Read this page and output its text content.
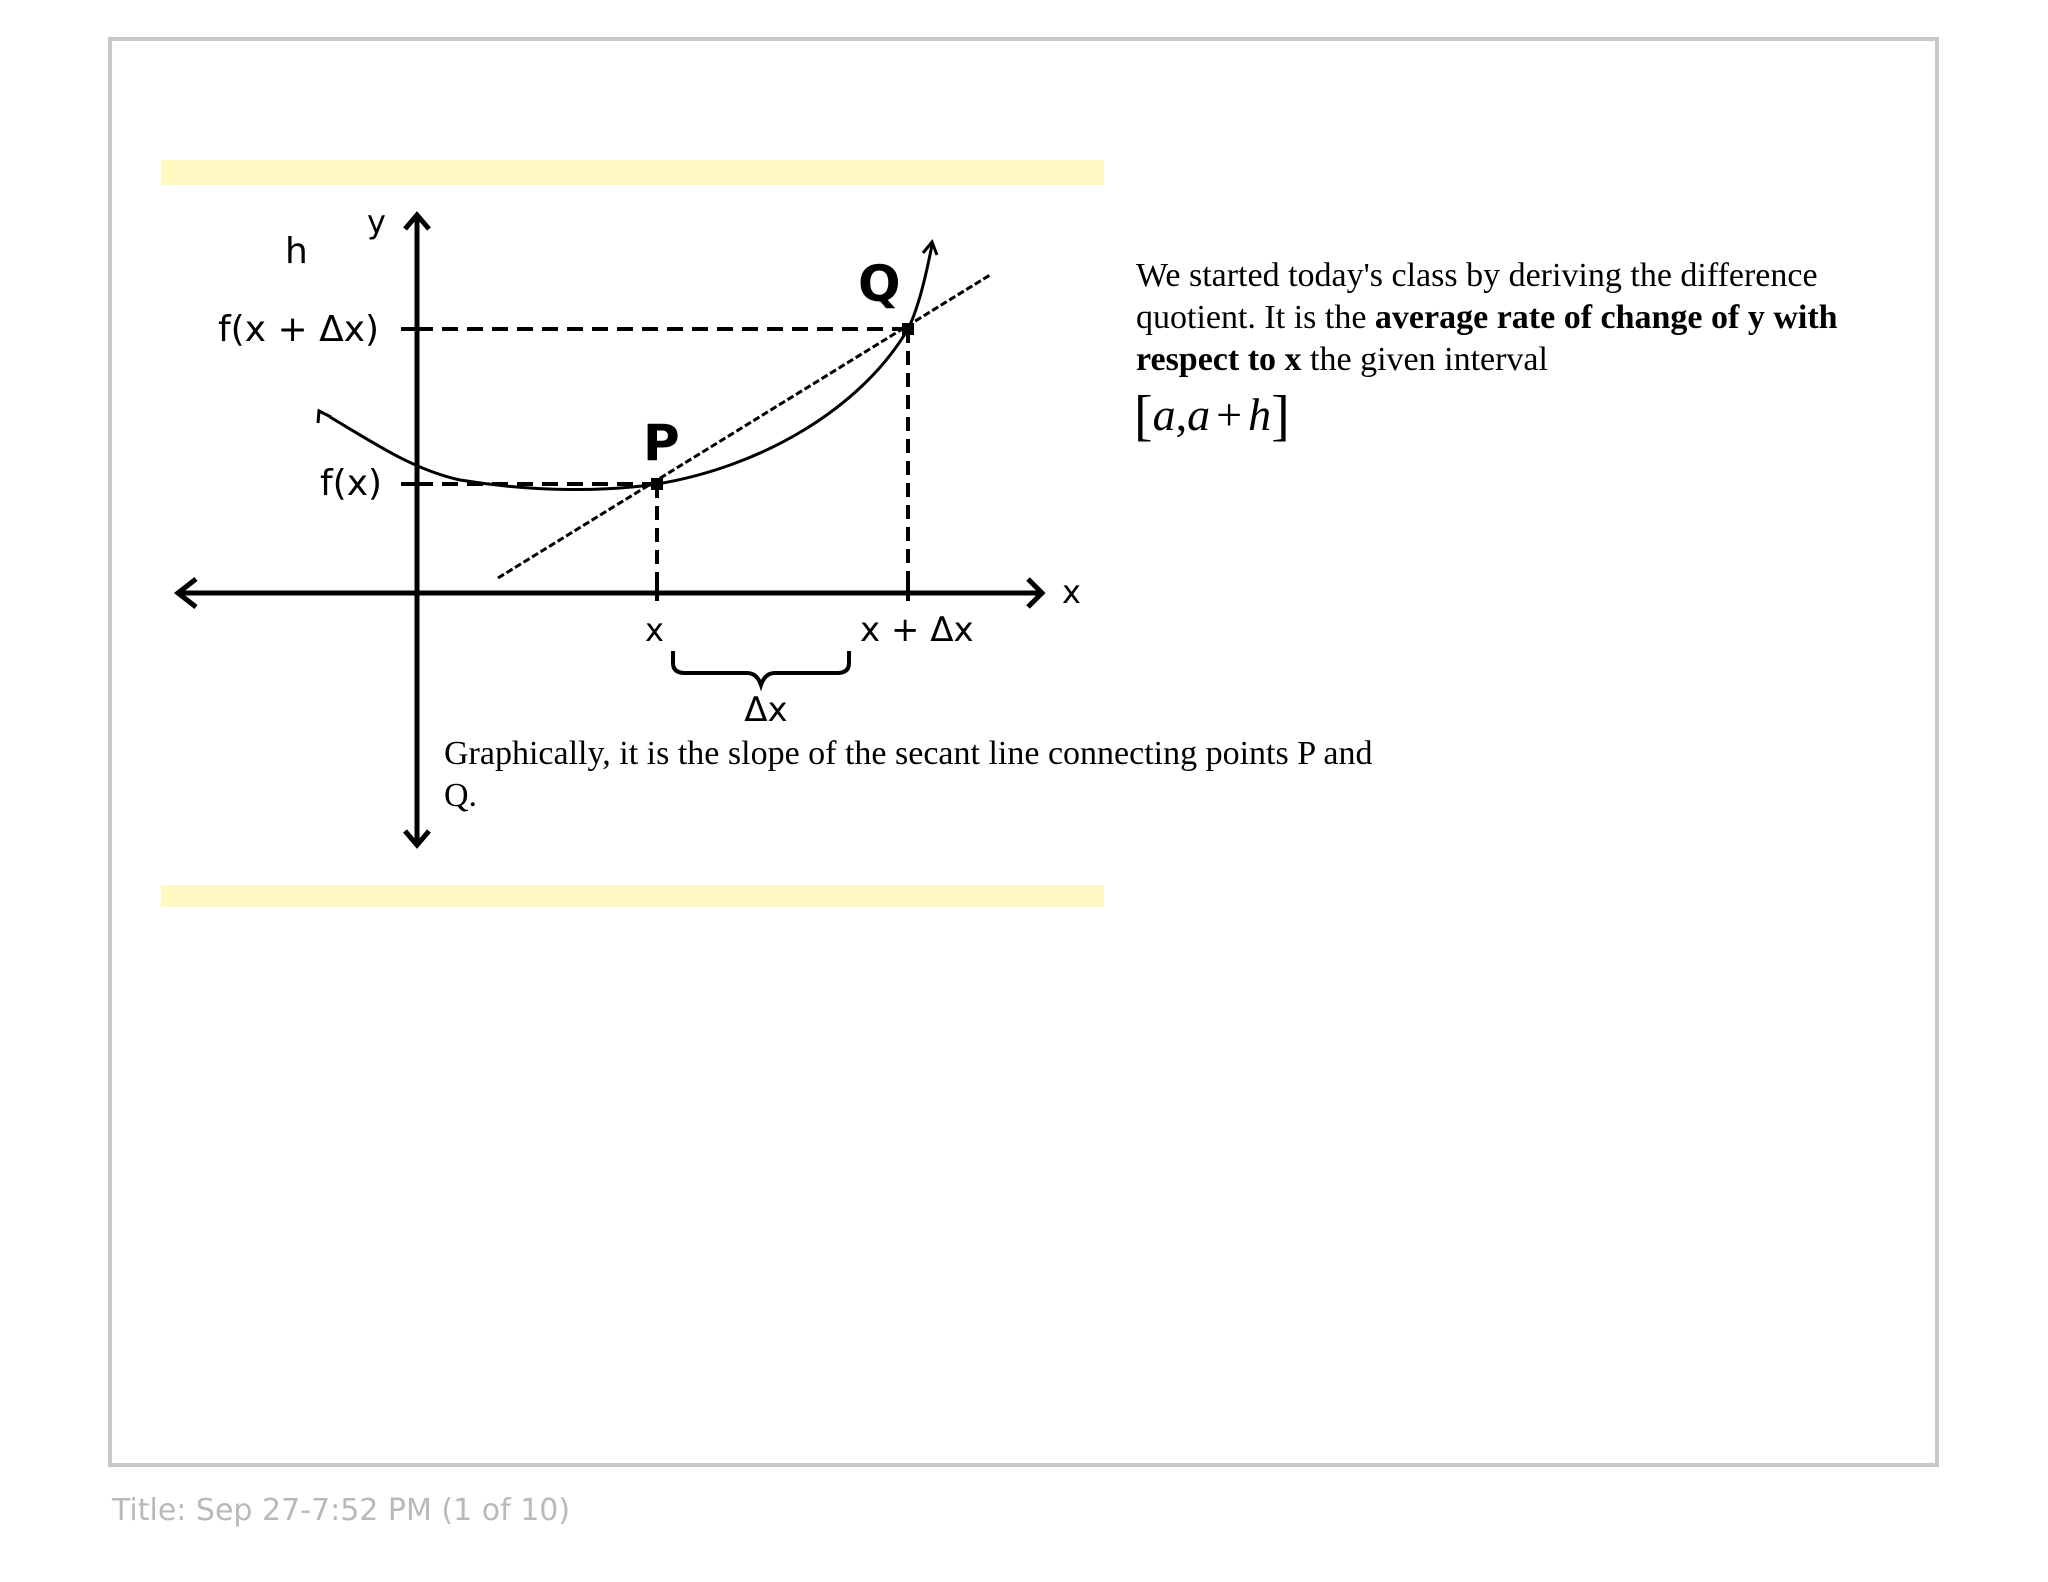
h
y
x
Q
P
f(x + Δx)
f(x)
x	x + Δx
Δx
We started today's class by deriving the difference quotient. It is the average rate of change of y with respect to x the given interval
[a,a + h]
Graphically, it is the slope of the secant line connecting points P and Q.
Title: Sep 27-7:52 PM (1 of 10)
